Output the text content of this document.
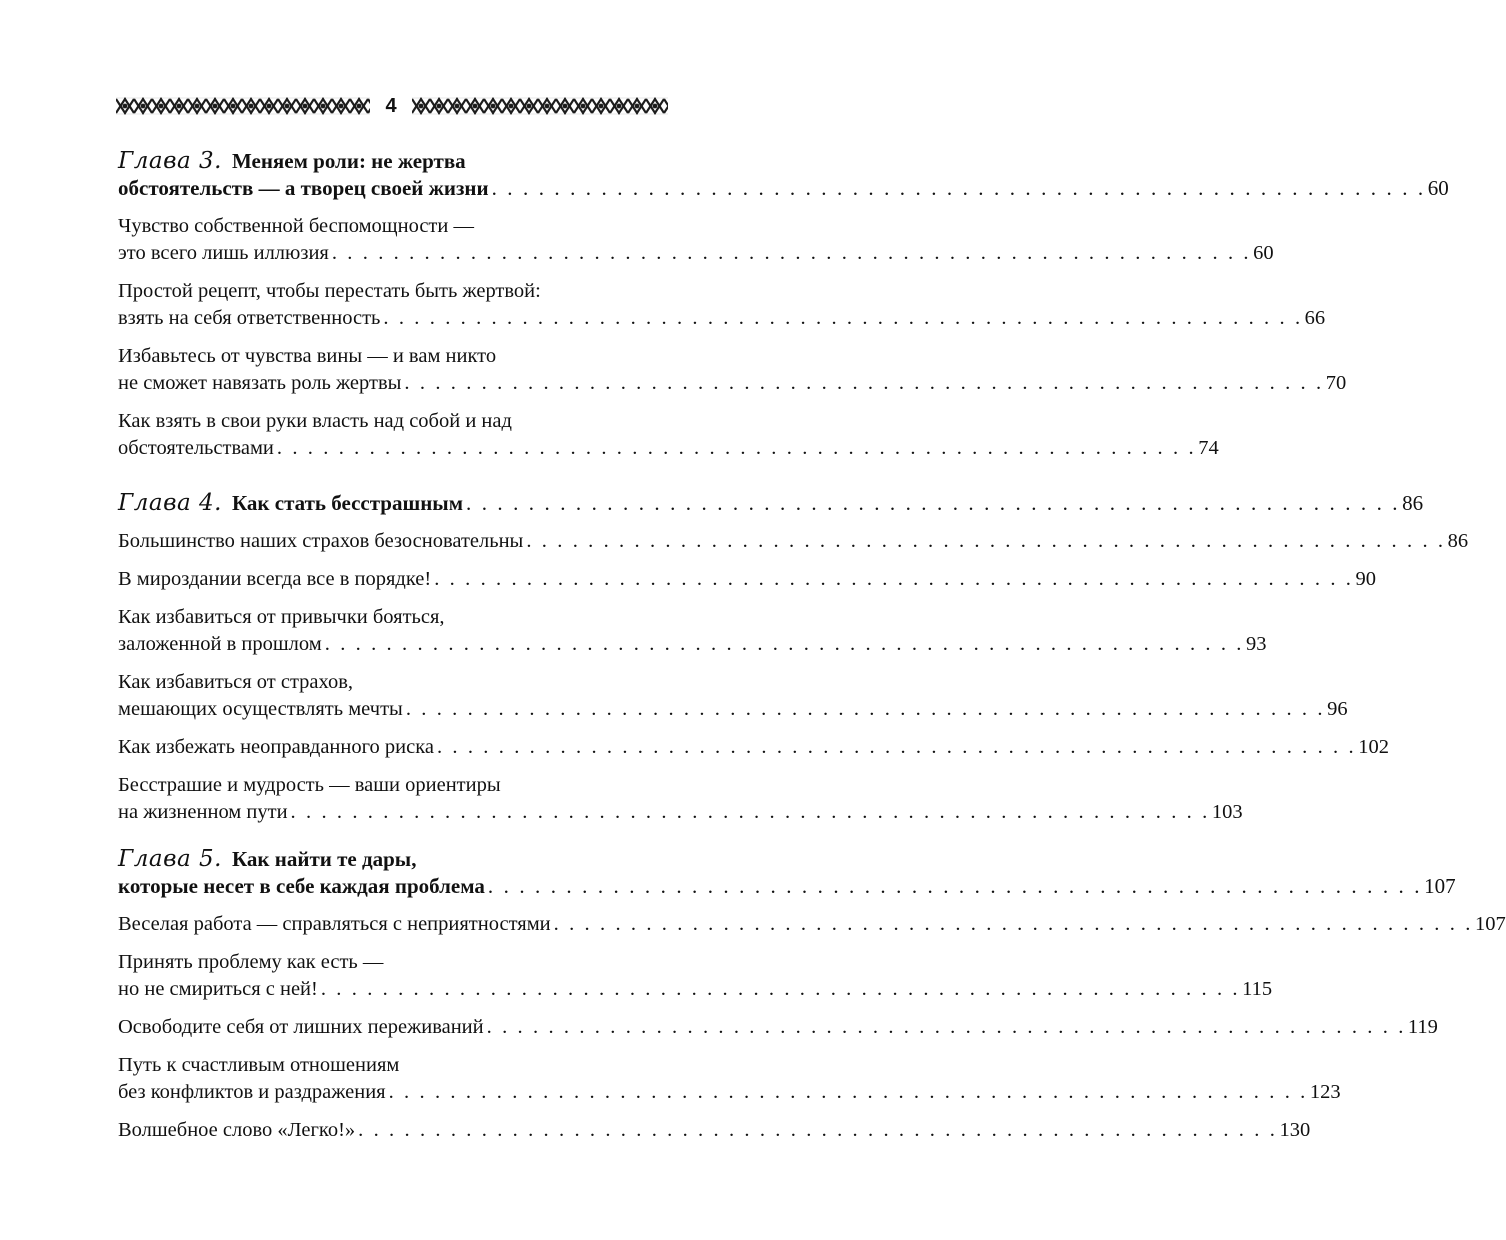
4
Глава 3. Меняем роли: не жертва
обстоятельств — а творец своей жизни . . . . . . . . . . . . . . . . . . . . . . . . . . . . . . . . . . . . . . . . . . . . . . . . . . . . . . . . . . . . 60
Чувство собственной беспомощности —
это всего лишь иллюзия . . . . . . . . . . . . . . . . . . . . . . . . . . . . . . . . . . . . . . . . . . . . . . . . . . . . . . . . . . . . 60
Простой рецепт, чтобы перестать быть жертвой:
взять на себя ответственность . . . . . . . . . . . . . . . . . . . . . . . . . . . . . . . . . . . . . . . . . . . . . . . . . . . . . . . . . . . . 66
Избавьтесь от чувства вины — и вам никто
не сможет навязать роль жертвы . . . . . . . . . . . . . . . . . . . . . . . . . . . . . . . . . . . . . . . . . . . . . . . . . . . . . . . . . . . . 70
Как взять в свои руки власть над собой и над
обстоятельствами . . . . . . . . . . . . . . . . . . . . . . . . . . . . . . . . . . . . . . . . . . . . . . . . . . . . . . . . . . . . 74
Глава 4. Как стать бесстрашным . . . . . . . . . . . . . . . . . . . . . . . . . . . . . . . . . . . . . . . . . . . . . . . . . . . . . . . . . . . . 86
Большинство наших страхов безосновательны . . . . . . . . . . . . . . . . . . . . . . . . . . . . . . . . . . . . . . . . . . . . . . . . . . . . . . . . . . . . 86
В мироздании всегда все в порядке! . . . . . . . . . . . . . . . . . . . . . . . . . . . . . . . . . . . . . . . . . . . . . . . . . . . . . . . . . . . . 90
Как избавиться от привычки бояться,
заложенной в прошлом . . . . . . . . . . . . . . . . . . . . . . . . . . . . . . . . . . . . . . . . . . . . . . . . . . . . . . . . . . . . 93
Как избавиться от страхов,
мешающих осуществлять мечты . . . . . . . . . . . . . . . . . . . . . . . . . . . . . . . . . . . . . . . . . . . . . . . . . . . . . . . . . . . . 96
Как избежать неоправданного риска . . . . . . . . . . . . . . . . . . . . . . . . . . . . . . . . . . . . . . . . . . . . . . . . . . . . . . . . . . . . 102
Бесстрашие и мудрость — ваши ориентиры
на жизненном пути . . . . . . . . . . . . . . . . . . . . . . . . . . . . . . . . . . . . . . . . . . . . . . . . . . . . . . . . . . . . 103
Глава 5. Как найти те дары,
которые несет в себе каждая проблема . . . . . . . . . . . . . . . . . . . . . . . . . . . . . . . . . . . . . . . . . . . . . . . . . . . . . . . . . . . . 107
Веселая работа — справляться с неприятностями . . . . . . . . . . . . . . . . . . . . . . . . . . . . . . . . . . . . . . . . . . . . . . . . . . . . . . . . . . . . 107
Принять проблему как есть —
но не смириться с ней! . . . . . . . . . . . . . . . . . . . . . . . . . . . . . . . . . . . . . . . . . . . . . . . . . . . . . . . . . . . . 115
Освободите себя от лишних переживаний . . . . . . . . . . . . . . . . . . . . . . . . . . . . . . . . . . . . . . . . . . . . . . . . . . . . . . . . . . . . 119
Путь к счастливым отношениям
без конфликтов и раздражения . . . . . . . . . . . . . . . . . . . . . . . . . . . . . . . . . . . . . . . . . . . . . . . . . . . . . . . . . . . . 123
Волшебное слово «Легко!» . . . . . . . . . . . . . . . . . . . . . . . . . . . . . . . . . . . . . . . . . . . . . . . . . . . . . . . . . . . . 130
